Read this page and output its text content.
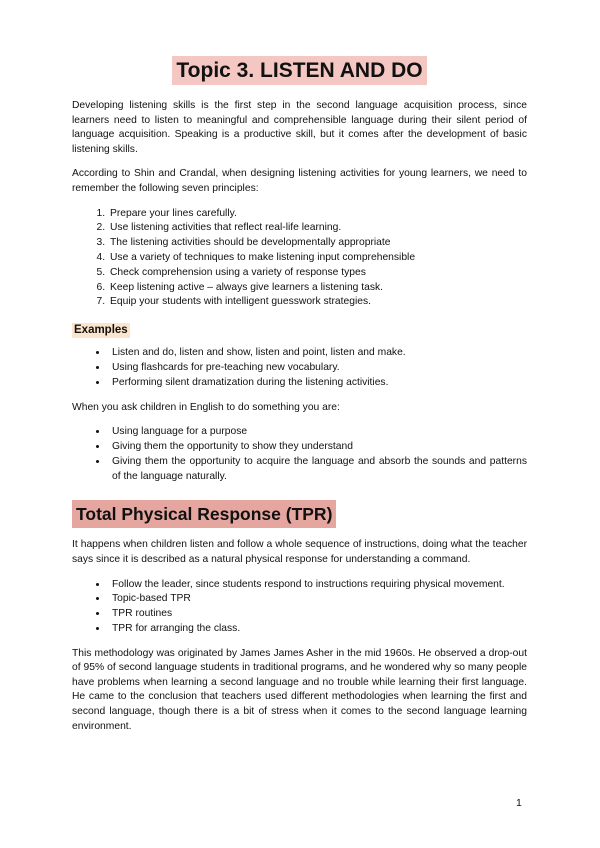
Topic 3. LISTEN AND DO

Developing listening skills is the first step in the second language acquisition process, since learners need to listen to meaningful and comprehensible language during their silent period of language acquisition. Speaking is a productive skill, but it comes after the development of basic listening skills.

According to Shin and Crandal, when designing listening activities for young learners, we need to remember the following seven principles:

1. Prepare your lines carefully.
2. Use listening activities that reflect real-life learning.
3. The listening activities should be developmentally appropriate
4. Use a variety of techniques to make listening input comprehensible
5. Check comprehension using a variety of response types
6. Keep listening active – always give learners a listening task.
7. Equip your students with intelligent guesswork strategies.
Examples
• Listen and do, listen and show, listen and point, listen and make.
• Using flashcards for pre-teaching new vocabulary.
• Performing silent dramatization during the listening activities.

When you ask children in English to do something you are:

• Using language for a purpose
• Giving them the opportunity to show they understand
• Giving them the opportunity to acquire the language and absorb the sounds and patterns of the language naturally.
Total Physical Response (TPR)

It happens when children listen and follow a whole sequence of instructions, doing what the teacher says since it is described as a natural physical response for understanding a command.

• Follow the leader, since students respond to instructions requiring physical movement.
• Topic-based TPR
• TPR routines
• TPR for arranging the class.

This methodology was originated by James James Asher in the mid 1960s. He observed a drop-out of 95% of second language students in traditional programs, and he wondered why so many people have problems when learning a second language and no trouble while learning their first language. He came to the conclusion that teachers used different methodologies when learning the first and second language, though there is a bit of stress when it comes to the second language learning environment.

1
